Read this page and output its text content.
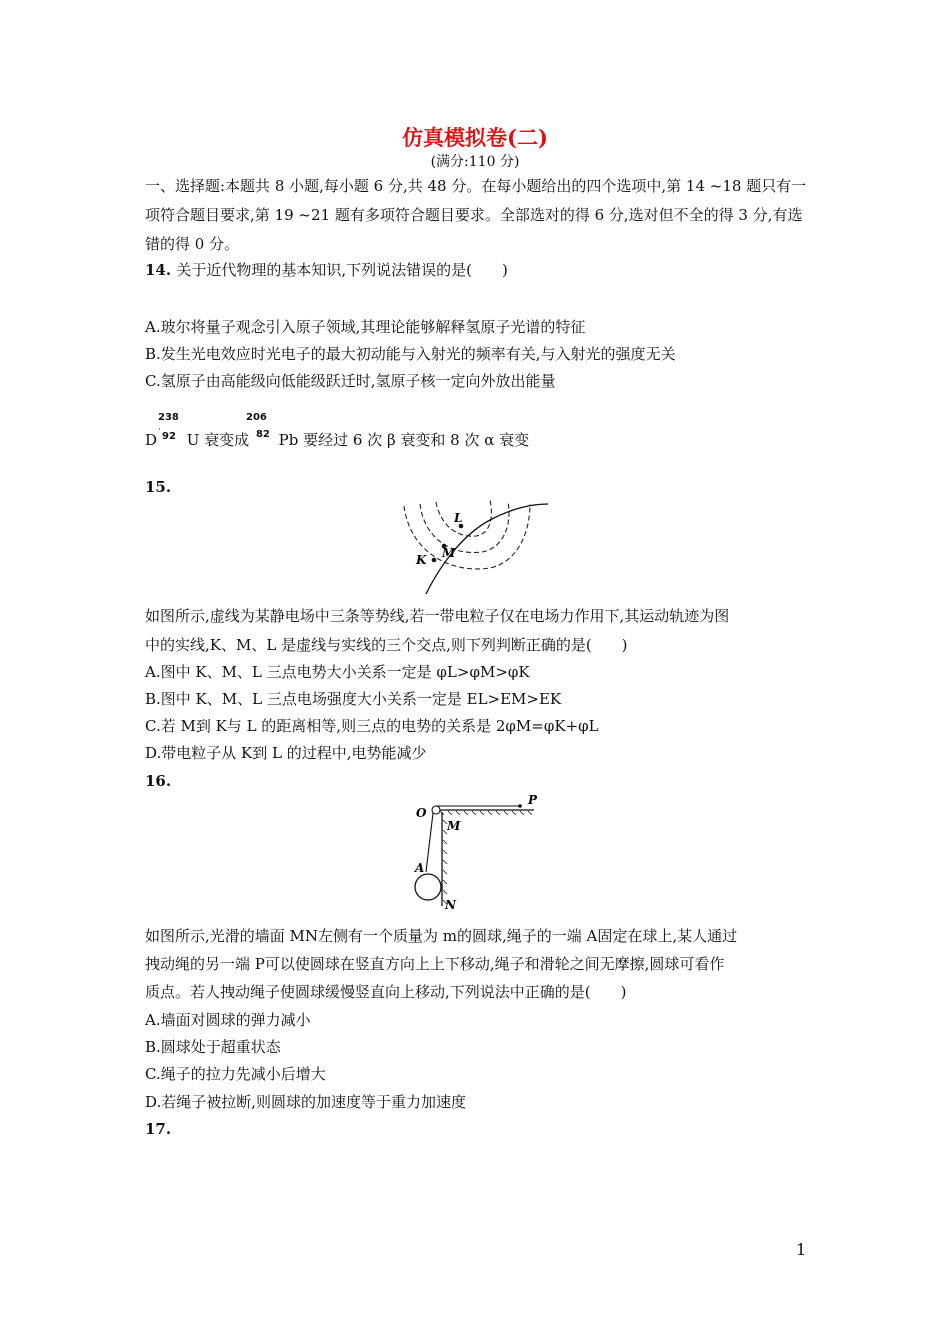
仿真模拟卷(二)
(满分:110 分)
一、选择题:本题共 8 小题,每小题 6 分,共 48 分。在每小题给出的四个选项中,第 14 ~18 题只有一项符合题目要求,第 19 ~21 题有多项符合题目要求。全部选对的得 6 分,选对但不全的得 3 分,有选错的得 0 分。
14. 关于近代物理的基本知识,下列说法错误的是(　　)
A.玻尔将量子观念引入原子领域,其理论能够解释氢原子光谱的特征
B.发生光电效应时光电子的最大初动能与入射光的频率有关,与入射光的强度无关
C.氢原子由高能级向低能级跃迁时,氢原子核一定向外放出能量
238	206
$D^{˙92}$ U 衰变成 $^{82}$ Pb 要经过 6 次 β 衰变和 8 次 α 衰变
15.
L
M
K
如图所示,虚线为某静电场中三条等势线,若一带电粒子仅在电场力作用下,其运动轨迹为图
中的实线,K、M、L 是虚线与实线的三个交点,则下列判断正确的是(　　)
A.图中 K、M、L 三点电势大小关系一定是 φL>φM>φK
B.图中 K、M、L 三点电场强度大小关系一定是 EL>EM>EK
C.若 M到 K与 L 的距离相等,则三点的电势的关系是 2φM=φK+φL
D.带电粒子从 K到 L 的过程中,电势能减少
16.
O
P
M
A
N
如图所示,光滑的墙面 MN左侧有一个质量为 m的圆球,绳子的一端 A固定在球上,某人通过
拽动绳的另一端 P可以使圆球在竖直方向上上下移动,绳子和滑轮之间无摩擦,圆球可看作
质点。若人拽动绳子使圆球缓慢竖直向上移动,下列说法中正确的是(　　)
A.墙面对圆球的弹力减小
B.圆球处于超重状态
C.绳子的拉力先减小后增大
D.若绳子被拉断,则圆球的加速度等于重力加速度
17.
1
